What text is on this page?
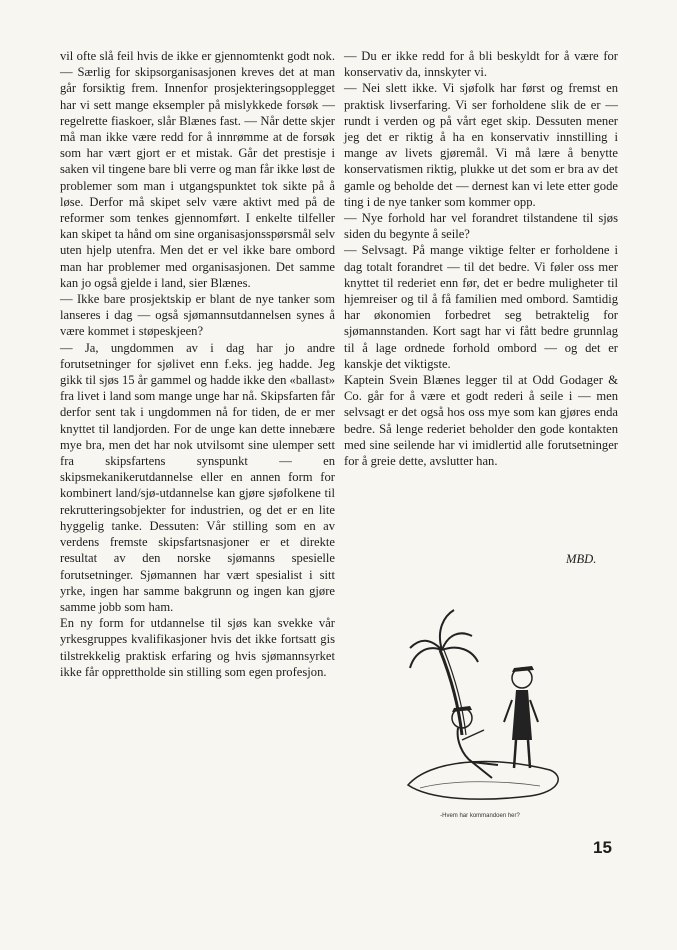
vil ofte slå feil hvis de ikke er gjennomtenkt godt nok. — Særlig for skipsorganisasjonen kreves det at man går forsiktig frem. Innenfor prosjekteringsopplegget har vi sett mange eksempler på mislykkede forsøk — regelrette fiaskoer, slår Blænes fast. — Når dette skjer må man ikke være redd for å innrømme at de forsøk som har vært gjort er et mistak. Går det prestisje i saken vil tingene bare bli verre og man får ikke løst de problemer som man i utgangspunktet tok sikte på å løse. Derfor må skipet selv være aktivt med på de reformer som tenkes gjennomført. I enkelte tilfeller kan skipet ta hånd om sine organisasjonsspørsmål selv uten hjelp utenfra. Men det er vel ikke bare ombord man har problemer med organisasjonen. Det samme kan jo også gjelde i land, sier Blænes.

— Ikke bare prosjektskip er blant de nye tanker som lanseres i dag — også sjømannsutdannelsen synes å være kommet i støpeskjeen?

— Ja, ungdommen av i dag har jo andre forutsetninger for sjølivet enn f.eks. jeg hadde. Jeg gikk til sjøs 15 år gammel og hadde ikke den «ballast» fra livet i land som mange unge har nå. Skipsfarten får derfor sent tak i ungdommen nå for tiden, de er mer knyttet til landjorden. For de unge kan dette innebære mye bra, men det har nok utvilsomt sine ulemper sett fra skipsfartens synspunkt — en skipsmekanikerutdannelse eller en annen form for kombinert land/sjø-utdannelse kan gjøre sjøfolkene til rekrutteringsobjekter for industrien, og det er en lite hyggelig tanke. Dessuten: Vår stilling som en av verdens fremste skipsfartsnasjoner er et direkte resultat av den norske sjømanns spesielle forutsetninger. Sjømannen har vært spesialist i sitt yrke, ingen har samme bakgrunn og ingen kan gjøre samme jobb som ham.

En ny form for utdannelse til sjøs kan svekke vår yrkesgruppes kvalifikasjoner hvis det ikke fortsatt gis tilstrekkelig praktisk erfaring og hvis sjømannsyrket ikke får opprettholde sin stilling som egen profesjon.

— Du er ikke redd for å bli beskyldt for å være for konservativ da, innskyter vi.

— Nei slett ikke. Vi sjøfolk har først og fremst en praktisk livserfaring. Vi ser forholdene slik de er — rundt i verden og på vårt eget skip. Dessuten mener jeg det er riktig å ha en konservativ innstilling i mange av livets gjøremål. Vi må lære å benytte konservatismen riktig, plukke ut det som er bra av det gamle og beholde det — dernest kan vi lete etter gode ting i de nye tanker som kommer opp.

— Nye forhold har vel forandret tilstandene til sjøs siden du begynte å seile?

— Selvsagt. På mange viktige felter er forholdene i dag totalt forandret — til det bedre. Vi føler oss mer knyttet til rederiet enn før, det er bedre muligheter til hjemreiser og til å få familien med ombord. Samtidig har økonomien forbedret seg betraktelig for sjømannstanden. Kort sagt har vi fått bedre grunnlag til å lage ordnede forhold ombord — og det er kanskje det viktigste.

Kaptein Svein Blænes legger til at Odd Godager & Co. går for å være et godt rederi å seile i — men selvsagt er det også hos oss mye som kan gjøres enda bedre. Så lenge rederiet beholder den gode kontakten med sine seilende har vi imidlertid alle forutsetninger for å greie dette, avslutter han.

MBD.
-Hvem har kommandoen her?
15
